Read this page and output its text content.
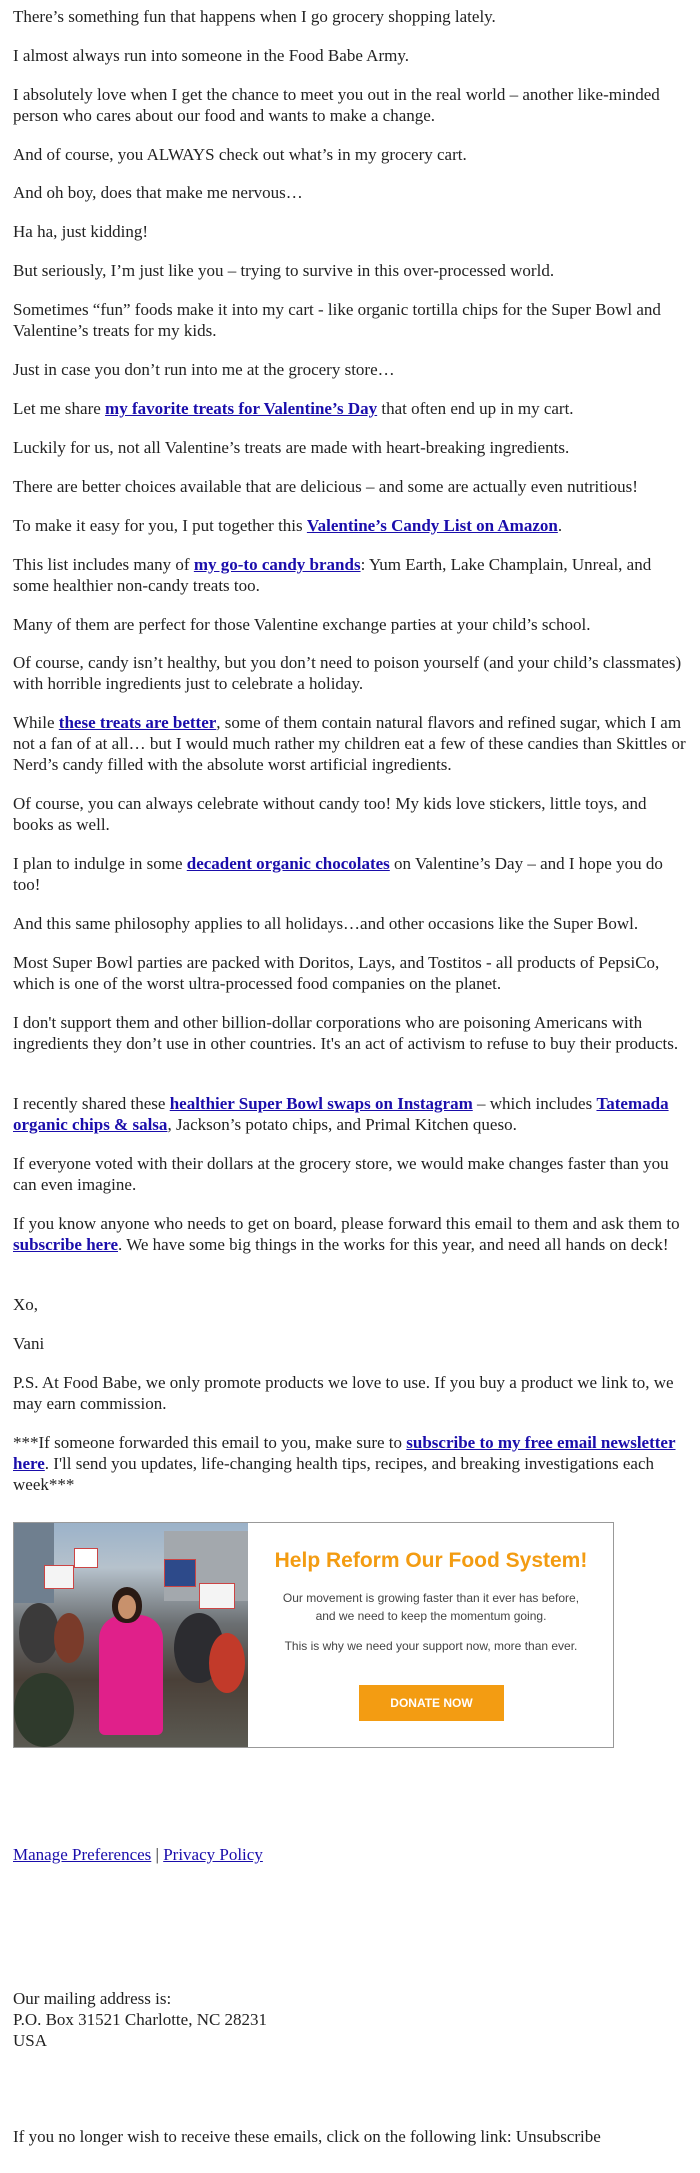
There’s something fun that happens when I go grocery shopping lately.

I almost always run into someone in the Food Babe Army.

I absolutely love when I get the chance to meet you out in the real world – another like-minded person who cares about our food and wants to make a change.

And of course, you ALWAYS check out what’s in my grocery cart.

And oh boy, does that make me nervous…

Ha ha, just kidding!

But seriously, I’m just like you – trying to survive in this over-processed world.

Sometimes “fun” foods make it into my cart - like organic tortilla chips for the Super Bowl and Valentine’s treats for my kids.

Just in case you don’t run into me at the grocery store…

Let me share my favorite treats for Valentine’s Day that often end up in my cart.

Luckily for us, not all Valentine’s treats are made with heart-breaking ingredients.

There are better choices available that are delicious – and some are actually even nutritious!

To make it easy for you, I put together this Valentine’s Candy List on Amazon.

This list includes many of my go-to candy brands: Yum Earth, Lake Champlain, Unreal, and some healthier non-candy treats too.

Many of them are perfect for those Valentine exchange parties at your child’s school.

Of course, candy isn’t healthy, but you don’t need to poison yourself (and your child’s classmates) with horrible ingredients just to celebrate a holiday.

While these treats are better, some of them contain natural flavors and refined sugar, which I am not a fan of at all… but I would much rather my children eat a few of these candies than Skittles or Nerd’s candy filled with the absolute worst artificial ingredients.

Of course, you can always celebrate without candy too! My kids love stickers, little toys, and books as well.

I plan to indulge in some decadent organic chocolates on Valentine’s Day – and I hope you do too!

And this same philosophy applies to all holidays…and other occasions like the Super Bowl.

Most Super Bowl parties are packed with Doritos, Lays, and Tostitos - all products of PepsiCo, which is one of the worst ultra-processed food companies on the planet.

I don't support them and other billion-dollar corporations who are poisoning Americans with ingredients they don’t use in other countries. It's an act of activism to refuse to buy their products.

I recently shared these healthier Super Bowl swaps on Instagram – which includes Tatemada organic chips & salsa, Jackson’s potato chips, and Primal Kitchen queso.

If everyone voted with their dollars at the grocery store, we would make changes faster than you can even imagine.

If you know anyone who needs to get on board, please forward this email to them and ask them to subscribe here. We have some big things in the works for this year, and need all hands on deck!

Xo,

Vani

P.S. At Food Babe, we only promote products we love to use. If you buy a product we link to, we may earn commission.

***If someone forwarded this email to you, make sure to subscribe to my free email newsletter here. I'll send you updates, life-changing health tips, recipes, and breaking investigations each week***

Help Reform Our Food System!
Our movement is growing faster than it ever has before, and we need to keep the momentum going.
This is why we need your support now, more than ever.
DONATE NOW

Manage Preferences | Privacy Policy

Our mailing address is:

P.O. Box 31521 Charlotte, NC 28231

USA

If you no longer wish to receive these emails, click on the following link: Unsubscribe
